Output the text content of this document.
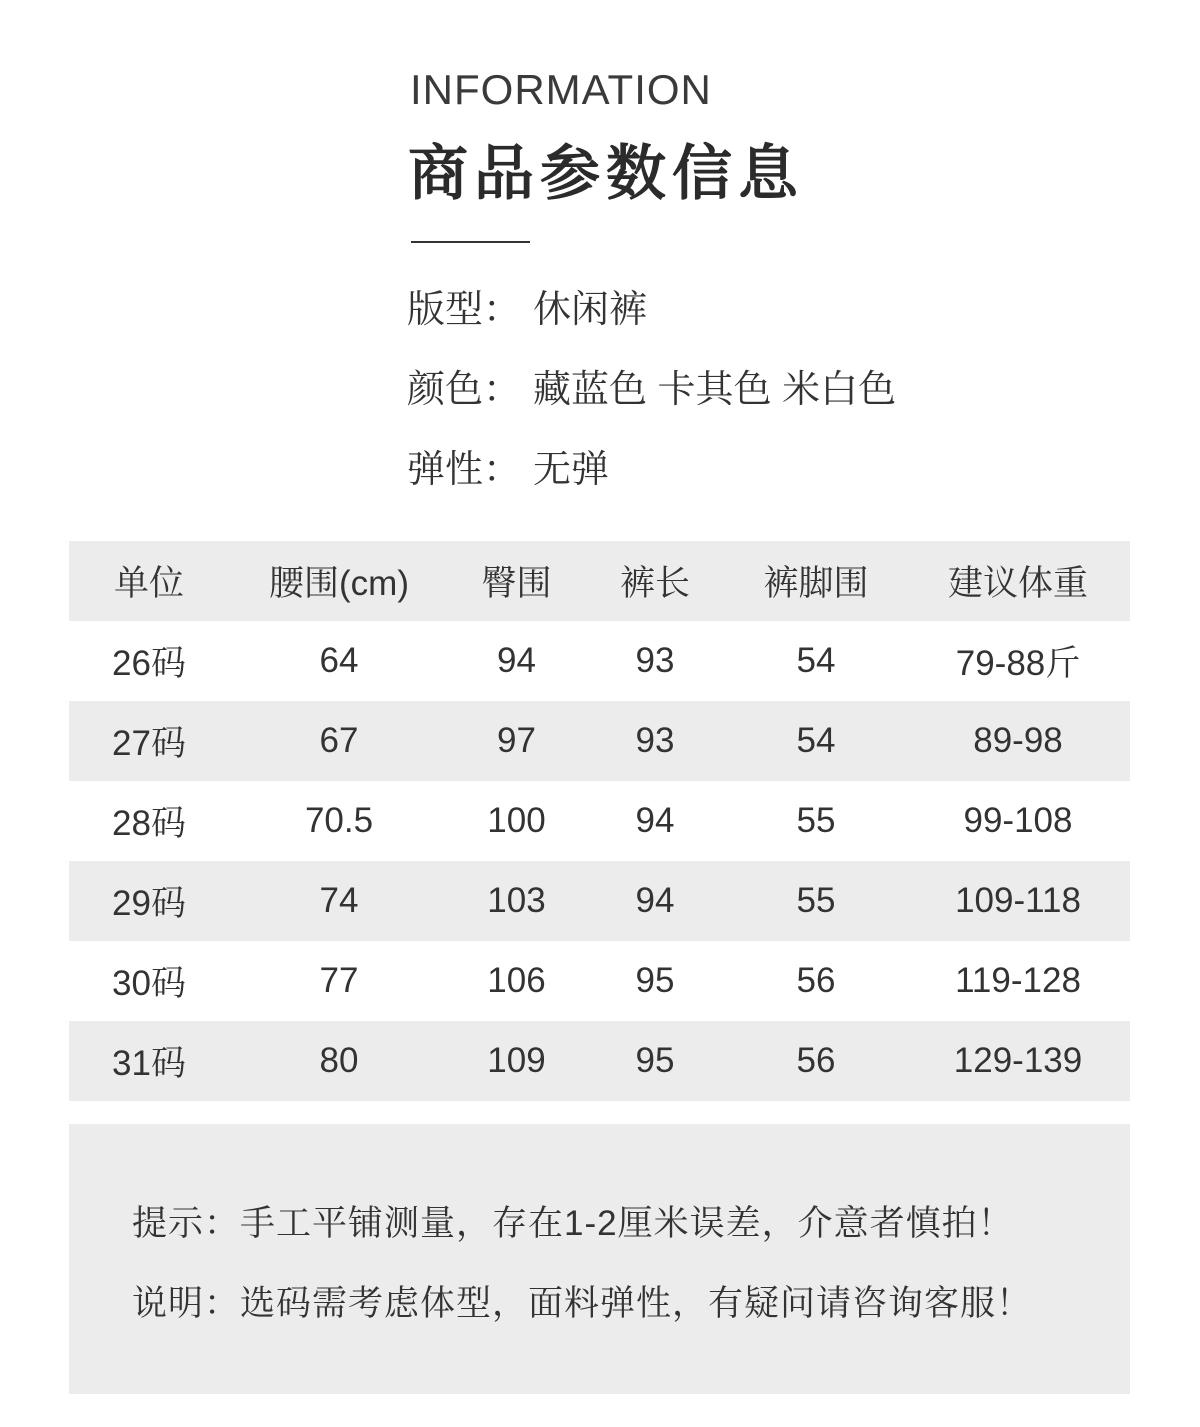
INFORMATION
商品参数信息
版型： 休闲裤
颜色： 藏蓝色 卡其色 米白色
弹性： 无弹
单位	腰围(cm)	臀围	裤长	裤脚围	建议体重
26码	64	94	93	54	79-88斤
27码	67	97	93	54	89-98
28码	70.5	100	94	55	99-108
29码	74	103	94	55	109-118
30码	77	106	95	56	119-128
31码	80	109	95	56	129-139
提示：手工平铺测量，存在1-2厘米误差，介意者慎拍！
说明：选码需考虑体型，面料弹性，有疑问请咨询客服！
